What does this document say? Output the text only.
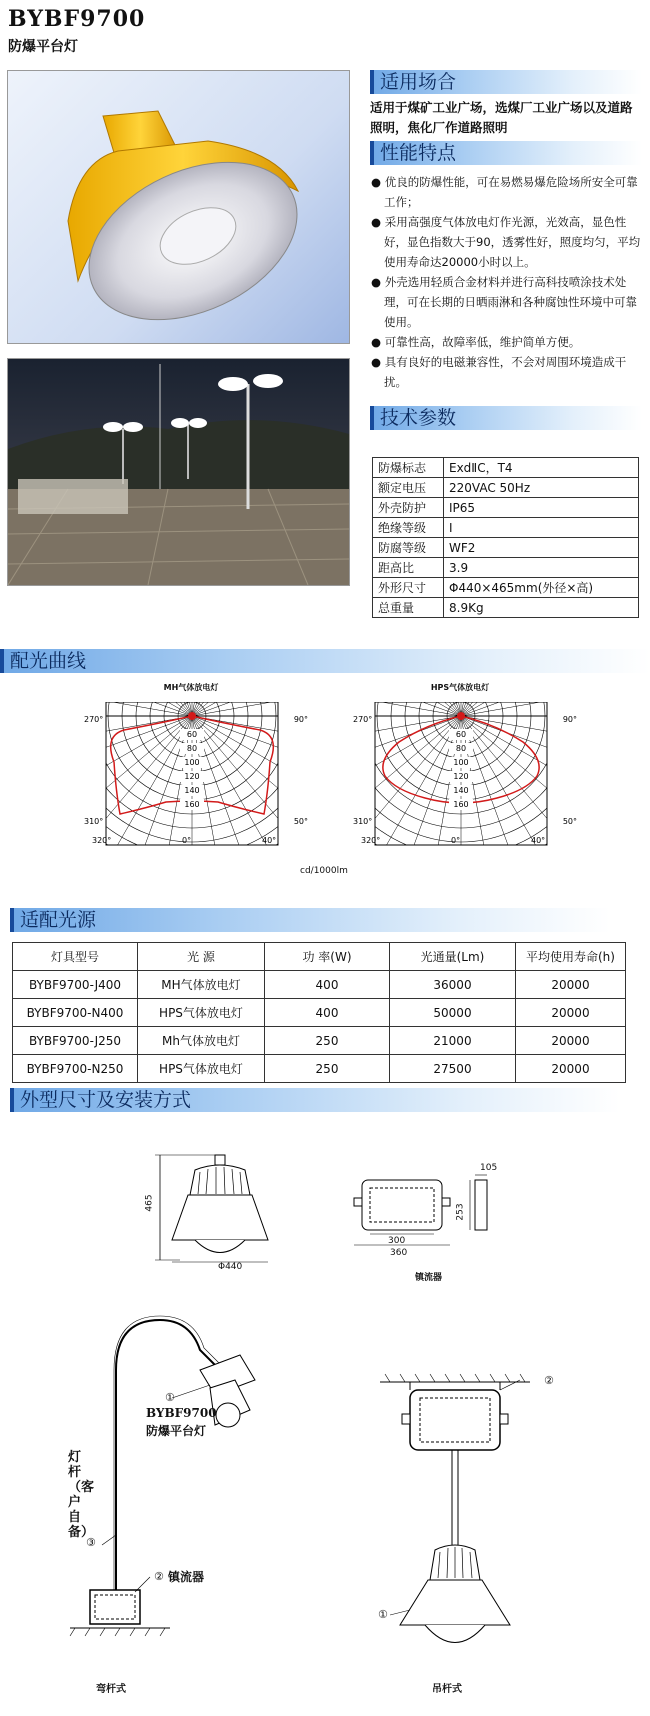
BYBF9700
防爆平台灯
适用场合
适用于煤矿工业广场，选煤厂工业广场以及道路照明，焦化厂作道路照明
性能特点
● 优良的防爆性能，可在易燃易爆危险场所安全可靠工作；
● 采用高强度气体放电灯作光源，光效高，显色性好，显色指数大于90，透雾性好，照度均匀，平均使用寿命达20000小时以上。
● 外壳选用轻质合金材料并进行高科技喷涂技术处理，可在长期的日晒雨淋和各种腐蚀性环境中可靠使用。
● 可靠性高，故障率低，维护简单方便。
● 具有良好的电磁兼容性，不会对周围环境造成干扰。
技术参数
防爆标志	ExdⅡC，T4
额定电压	220VAC 50Hz
外壳防护	IP65
绝缘等级	I
防腐等级	WF2
距高比	3.9
外形尺寸	Φ440×465mm(外径×高)
总重量	8.9Kg
配光曲线
MH气体放电灯	HPS气体放电灯
60
80
100
120
140
160
270°
310°
320°	0°	40°
50°
90°
60
80
100
120
140
160
270°
310°
320°	0°	40°
50°
90°
cd/1000lm
适配光源
灯具型号	光 源	功 率(W)	光通量(Lm)	平均使用寿命(h)
BYBF9700-J400	MH气体放电灯	400	36000	20000
BYBF9700-N400	HPS气体放电灯	400	50000	20000
BYBF9700-J250	Mh气体放电灯	250	21000	20000
BYBF9700-N250	HPS气体放电灯	250	27500	20000
外型尺寸及安装方式
465
Φ440
300
360
253
105
镇流器
①
BYBF9700
防爆平台灯
灯杆（客户自备）
③
② 镇流器
弯杆式
②
①
吊杆式
